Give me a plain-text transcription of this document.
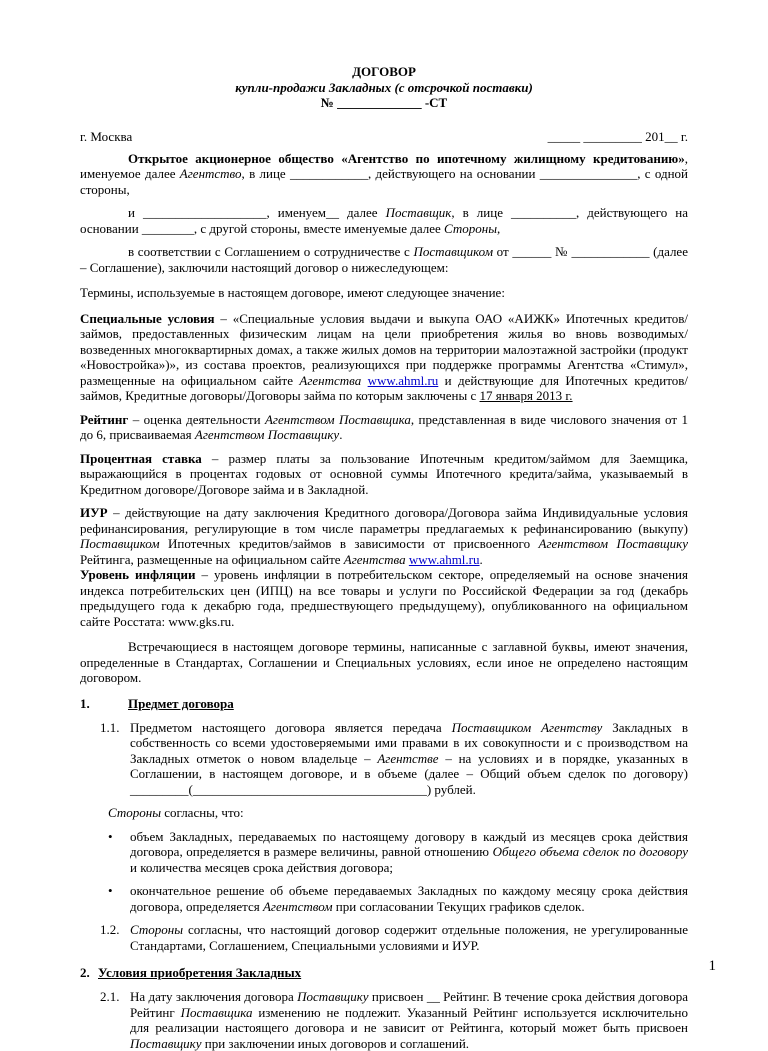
ДОГОВОР

купли-продажи Закладных (с отсрочкой поставки)

№ _____________ -СТ

г. Москва	_____ _________ 201__ г.

Открытое акционерное общество «Агентство по ипотечному жилищному кредитованию», именуемое далее Агентство, в лице ____________, действующего на основании _______________, с одной стороны,

и ___________________, именуем__ далее Поставщик, в лице __________, действующего на основании ________, с другой стороны, вместе именуемые далее Стороны,

в соответствии с Соглашением о сотрудничестве с Поставщиком от ______ № ____________ (далее – Соглашение), заключили настоящий договор о нижеследующем:

Термины, используемые в настоящем договоре, имеют следующее значение:

Специальные условия – «Специальные условия выдачи и выкупа ОАО «АИЖК» Ипотечных кредитов/займов, предоставленных физическим лицам на цели приобретения жилья во вновь возводимых/возведенных многоквартирных домах, а также жилых домов на территории малоэтажной застройки (продукт «Новостройка»)», из состава проектов, реализующихся при поддержке программы Агентства «Стимул», размещенные на официальном сайте Агентства www.ahml.ru и действующие для Ипотечных кредитов/займов, Кредитные договоры/Договоры займа по которым заключены с 17 января 2013 г.

Рейтинг – оценка деятельности Агентством Поставщика, представленная в виде числового значения от 1 до 6, присваиваемая Агентством Поставщику.

Процентная ставка – размер платы за пользование Ипотечным кредитом/займом для Заемщика, выражающийся в процентах годовых от основной суммы Ипотечного кредита/займа, указываемый в Кредитном договоре/Договоре займа и в Закладной.

ИУР – действующие на дату заключения Кредитного договора/Договора займа Индивидуальные условия рефинансирования, регулирующие в том числе параметры предлагаемых к рефинансированию (выкупу) Поставщиком Ипотечных кредитов/займов в зависимости от присвоенного Агентством Поставщику Рейтинга, размещенные на официальном сайте Агентства www.ahml.ru.

Уровень инфляции – уровень инфляции в потребительском секторе, определяемый на основе значения индекса потребительских цен (ИПЦ) на все товары и услуги по Российской Федерации за год (декабрь предыдущего года к декабрю года, предшествующего предыдущему), опубликованного на официальном сайте Росстата: www.gks.ru.

Встречающиеся в настоящем договоре термины, написанные с заглавной буквы, имеют значения, определенные в Стандартах, Соглашении и Специальных условиях, если иное не определено настоящим договором.

1.	Предмет договора
1.1. Предметом настоящего договора является передача Поставщиком Агентству Закладных в собственность со всеми удостоверяемыми ими правами в их совокупности и с производством на Закладных отметок о новом владельце – Агентстве – на условиях и в порядке, указанных в Соглашении, в настоящем договоре, и в объеме (далее – Общий объем сделок по договору) _________(____________________________________) рублей.

Стороны согласны, что:

•	объем Закладных, передаваемых по настоящему договору в каждый из месяцев срока действия договора, определяется в размере величины, равной отношению Общего объема сделок по договору и количества месяцев срока действия договора;
•	окончательное решение об объеме передаваемых Закладных по каждому месяцу срока действия договора, определяется Агентством при согласовании Текущих графиков сделок.
1.2. Стороны согласны, что настоящий договор содержит отдельные положения, не урегулированные Стандартами, Соглашением, Специальными условиями и ИУР.
2. Условия приобретения Закладных
2.1. На дату заключения договора Поставщику присвоен __ Рейтинг. В течение срока действия договора Рейтинг Поставщика изменению не подлежит. Указанный Рейтинг используется исключительно для реализации настоящего договора и не зависит от Рейтинга, который может быть присвоен Поставщику при заключении иных договоров и соглашений.
1
